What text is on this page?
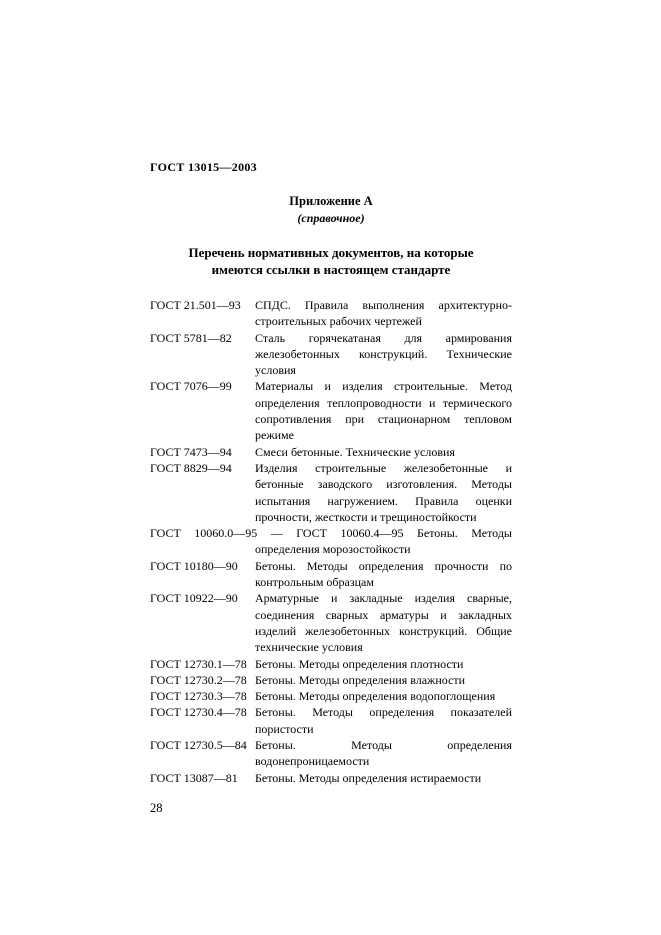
ГОСТ 13015—2003
Приложение А
(справочное)
Перечень нормативных документов, на которые имеются ссылки в настоящем стандарте
ГОСТ 21.501—93	СПДС. Правила выполнения архитектурно-строительных рабочих чертежей
ГОСТ 5781—82	Сталь горячекатаная для армирования железобетонных конструкций. Технические условия
ГОСТ 7076—99	Материалы и изделия строительные. Метод определения теплопроводности и термического сопротивления при стационарном тепловом режиме
ГОСТ 7473—94	Смеси бетонные. Технические условия
ГОСТ 8829—94	Изделия строительные железобетонные и бетонные заводского изготовления. Методы испытания нагружением. Правила оценки прочности, жесткости и трещиностойкости
ГОСТ 10060.0—95 — ГОСТ 10060.4—95 Бетоны. Методы определения морозостойкости
ГОСТ 10180—90	Бетоны. Методы определения прочности по контрольным образцам
ГОСТ 10922—90	Арматурные и закладные изделия сварные, соединения сварных арматуры и закладных изделий железобетонных конструкций. Общие технические условия
ГОСТ 12730.1—78 Бетоны. Методы определения плотности
ГОСТ 12730.2—78 Бетоны. Методы определения влажности
ГОСТ 12730.3—78 Бетоны. Методы определения водопоглощения
ГОСТ 12730.4—78 Бетоны. Методы определения показателей пористости
ГОСТ 12730.5—84 Бетоны. Методы определения водонепроницаемости
ГОСТ 13087—81	Бетоны. Методы определения истираемости
28
